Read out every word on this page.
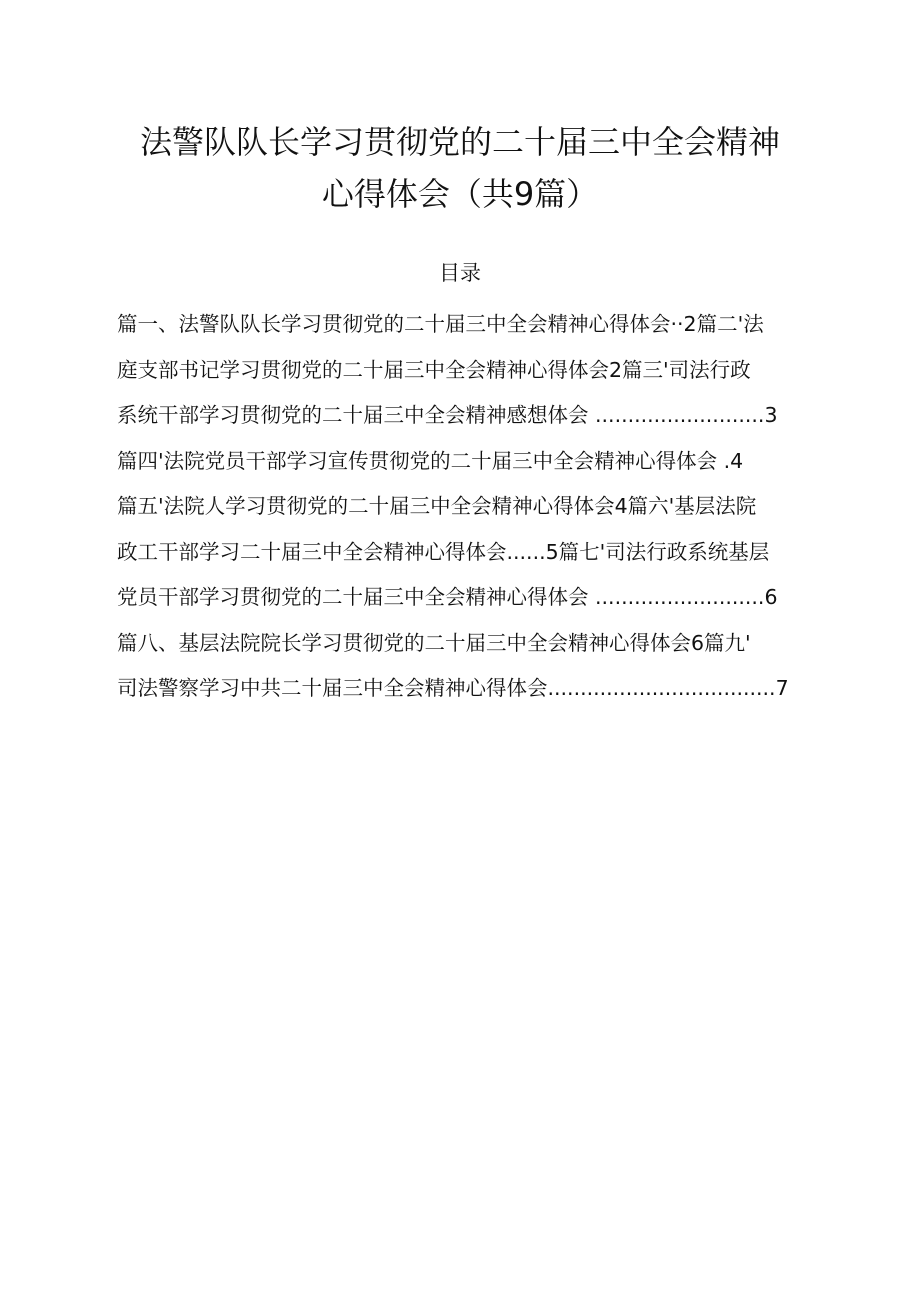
法警队队长学习贯彻党的二十届三中全会精神
心得体会（共9篇）
目录
篇一、法警队队长学习贯彻党的二十届三中全会精神心得体会··2篇二'法
庭支部书记学习贯彻党的二十届三中全会精神心得体会2篇三'司法行政
系统干部学习贯彻党的二十届三中全会精神感想体会 ..........................3
篇四'法院党员干部学习宣传贯彻党的二十届三中全会精神心得体会 .4
篇五'法院人学习贯彻党的二十届三中全会精神心得体会4篇六'基层法院
政工干部学习二十届三中全会精神心得体会......5篇七'司法行政系统基层
党员干部学习贯彻党的二十届三中全会精神心得体会 ..........................6
篇八、基层法院院长学习贯彻党的二十届三中全会精神心得体会6篇九'
司法警察学习中共二十届三中全会精神心得体会...................................7
